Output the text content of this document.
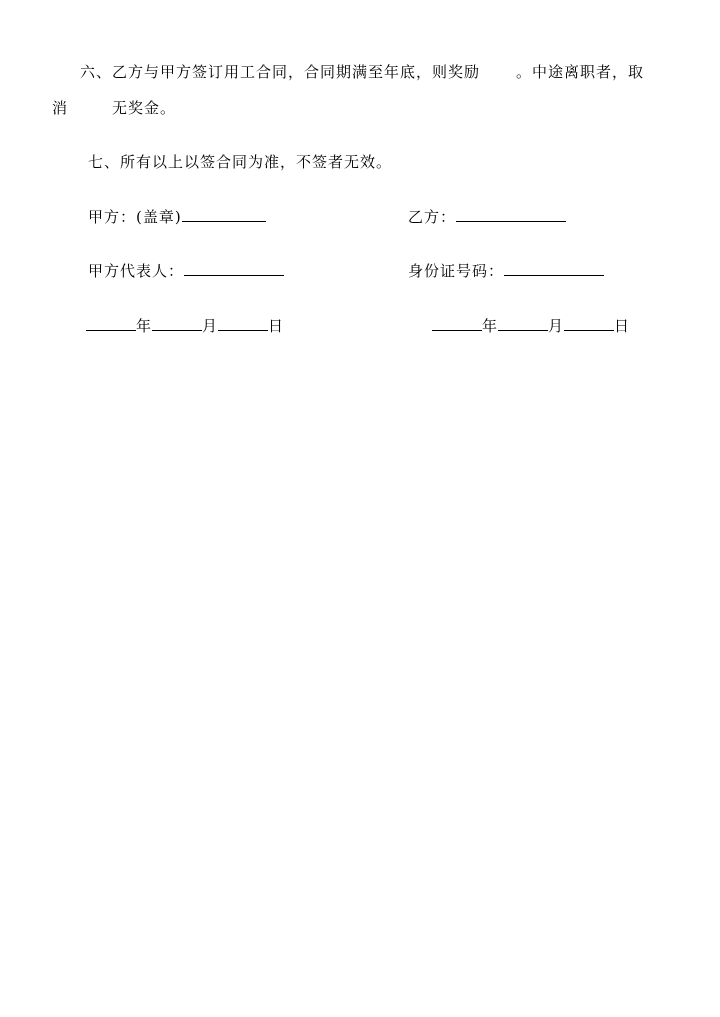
六、乙方与甲方签订用工合同，合同期满至年底，则奖励 。中途离职者，取
消	无奖金。
七、所有以上以签合同为准，不签者无效。
甲方：(盖章)	乙方：
甲方代表人：	身份证号码：
年	月	日	年	月	日
